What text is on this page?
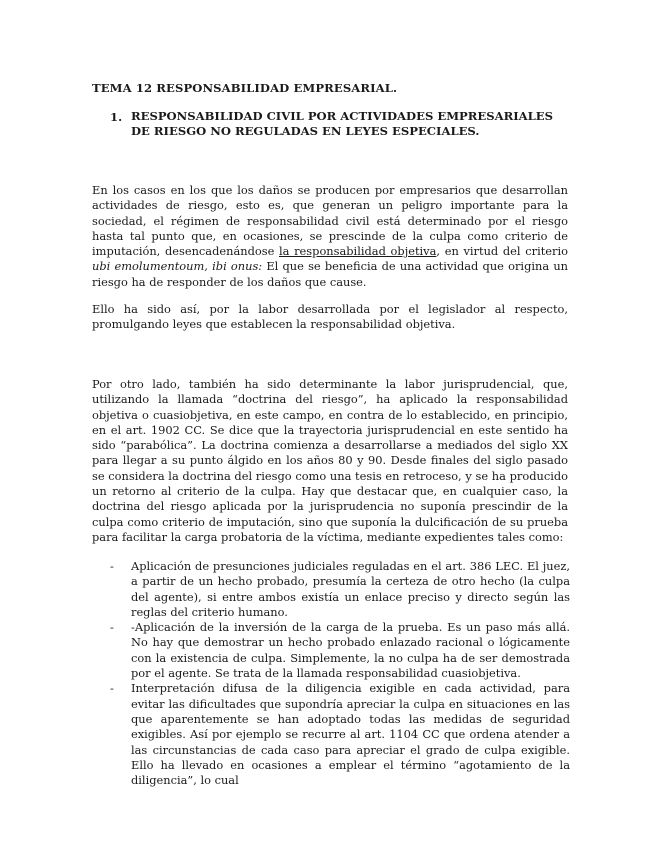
TEMA 12 RESPONSABILIDAD EMPRESARIAL.
1. RESPONSABILIDAD CIVIL POR ACTIVIDADES EMPRESARIALES DE RIESGO NO REGULADAS EN LEYES ESPECIALES.

En los casos en los que los daños se producen por empresarios que desarrollan actividades de riesgo, esto es, que generan un peligro importante para la sociedad, el régimen de responsabilidad civil está determinado por el riesgo hasta tal punto que, en ocasiones, se prescinde de la culpa como criterio de imputación, desencadenándose la responsabilidad objetiva, en virtud del criterio ubi emolumentoum, ibi onus: El que se beneficia de una actividad que origina un riesgo ha de responder de los daños que cause.

Ello ha sido así, por la labor desarrollada por el legislador al respecto, promulgando leyes que establecen la responsabilidad objetiva.

Por otro lado, también ha sido determinante la labor jurisprudencial, que, utilizando la llamada “doctrina del riesgo”, ha aplicado la responsabilidad objetiva o cuasiobjetiva, en este campo, en contra de lo establecido, en principio, en el art. 1902 CC. Se dice que la trayectoria jurisprudencial en este sentido ha sido “parabólica”. La doctrina comienza a desarrollarse a mediados del siglo XX para llegar a su punto álgido en los años 80 y 90. Desde finales del siglo pasado se considera la doctrina del riesgo como una tesis en retroceso, y se ha producido un retorno al criterio de la culpa. Hay que destacar que, en cualquier caso, la doctrina del riesgo aplicada por la jurisprudencia no suponía prescindir de la culpa como criterio de imputación, sino que suponía la dulcificación de su prueba para facilitar la carga probatoria de la víctima, mediante expedientes tales como:

- Aplicación de presunciones judiciales reguladas en el art. 386 LEC. El juez, a partir de un hecho probado, presumía la certeza de otro hecho (la culpa del agente), si entre ambos existía un enlace preciso y directo según las reglas del criterio humano.
- -Aplicación de la inversión de la carga de la prueba. Es un paso más allá. No hay que demostrar un hecho probado enlazado racional o lógicamente con la existencia de culpa. Simplemente, la no culpa ha de ser demostrada por el agente. Se trata de la llamada responsabilidad cuasiobjetiva.
- Interpretación difusa de la diligencia exigible en cada actividad, para evitar las dificultades que supondría apreciar la culpa en situaciones en las que aparentemente se han adoptado todas las medidas de seguridad exigibles. Así por ejemplo se recurre al art. 1104 CC que ordena atender a las circunstancias de cada caso para apreciar el grado de culpa exigible. Ello ha llevado en ocasiones a emplear el término “agotamiento de la diligencia”, lo cual
